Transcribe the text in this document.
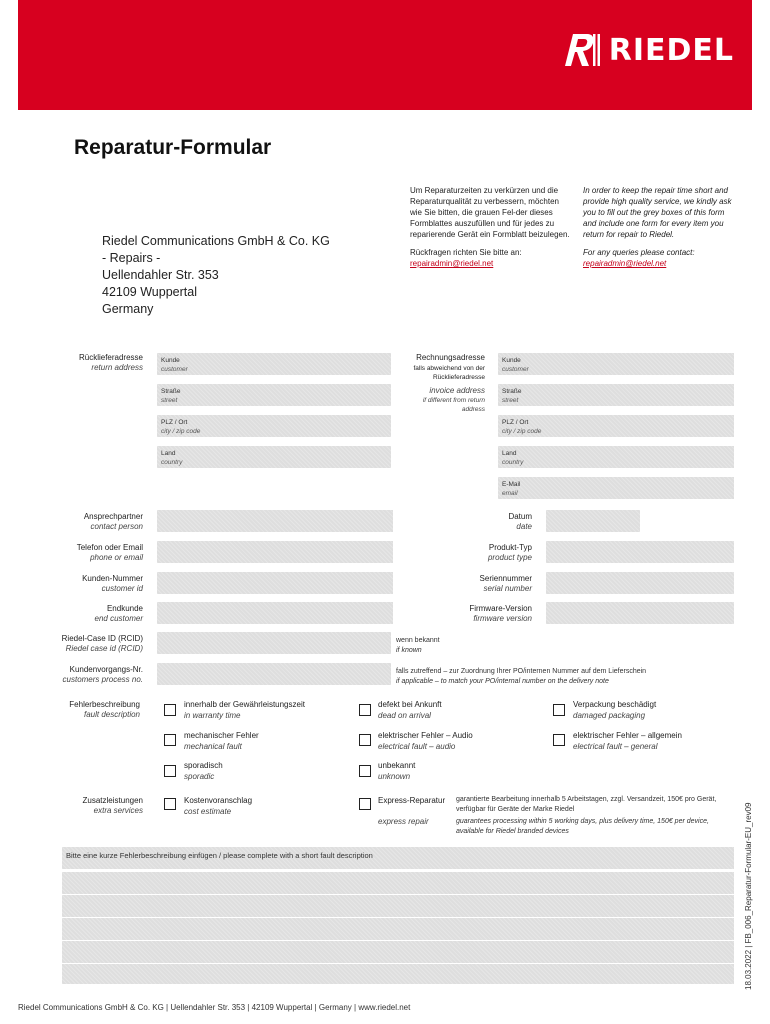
RIEDEL
Reparatur-Formular
Riedel Communications GmbH & Co. KG
- Repairs -
Uellendahler Str. 353
42109 Wuppertal
Germany

Um Reparaturzeiten zu verkürzen und die Reparaturqualität zu verbessern, möchten wie Sie bitten, die grauen Fel-der dieses Formblattes auszufüllen und für jedes zu reparierende Gerät ein Formblatt beizulegen.

Rückfragen richten Sie bitte an:
repairadmin@riedel.net

In order to keep the repair time short and provide high quality service, we kindly ask you to fill out the grey boxes of this form and include one form for every item you return for repair to Riedel.

For any queries please contact:
repairadmin@riedel.net

Rücklieferadresse
return address
Kunde
customer
Straße
street
PLZ / Ort
city / zip code
Land
country
Rechnungsadresse
falls abweichend von der Rücklieferadresse
invoice address
if different from return address
Kunde
customer
Straße
street
PLZ / Ort
city / zip code
Land
country
E-Mail
email
Ansprechpartner
contact person
Telefon oder Email
phone or email
Kunden-Nummer
customer id
Endkunde
end customer
Datum
date
Produkt-Typ
product type
Seriennummer
serial number
Firmware-Version
firmware version
Riedel-Case ID (RCID)
Riedel case id (RCID)
wenn bekannt
if known
Kundenvorgangs-Nr.
customers process no.
falls zutreffend – zur Zuordnung Ihrer PO/internen Nummer auf dem Lieferschein
if applicable – to match your PO/internal number on the delivery note
Fehlerbeschreibung
fault description
innerhalb der Gewährleistungszeit
in warranty time
defekt bei Ankunft
dead on arrival
Verpackung beschädigt
damaged packaging
mechanischer Fehler
mechanical fault
elektrischer Fehler – Audio
electrical fault – audio
elektrischer Fehler – allgemein
electrical fault – general
sporadisch
sporadic
unbekannt
unknown
Zusatzleistungen
extra services
Kostenvoranschlag
cost estimate
Express-Reparatur
express repair
garantierte Bearbeitung innerhalb 5 Arbeitstagen, zzgl. Versandzeit, 150€ pro Gerät, verfügbar für Geräte der Marke Riedel
guarantees processing within 5 working days, plus delivery time, 150€ per device, available for Riedel branded devices
Bitte eine kurze Fehlerbeschreibung einfügen / please complete with a short fault description
Riedel Communications GmbH & Co. KG | Uellendahler Str. 353 | 42109 Wuppertal | Germany | www.riedel.net
18.03.2022 | FB_006_Reparatur-Formular-EU_rev09
